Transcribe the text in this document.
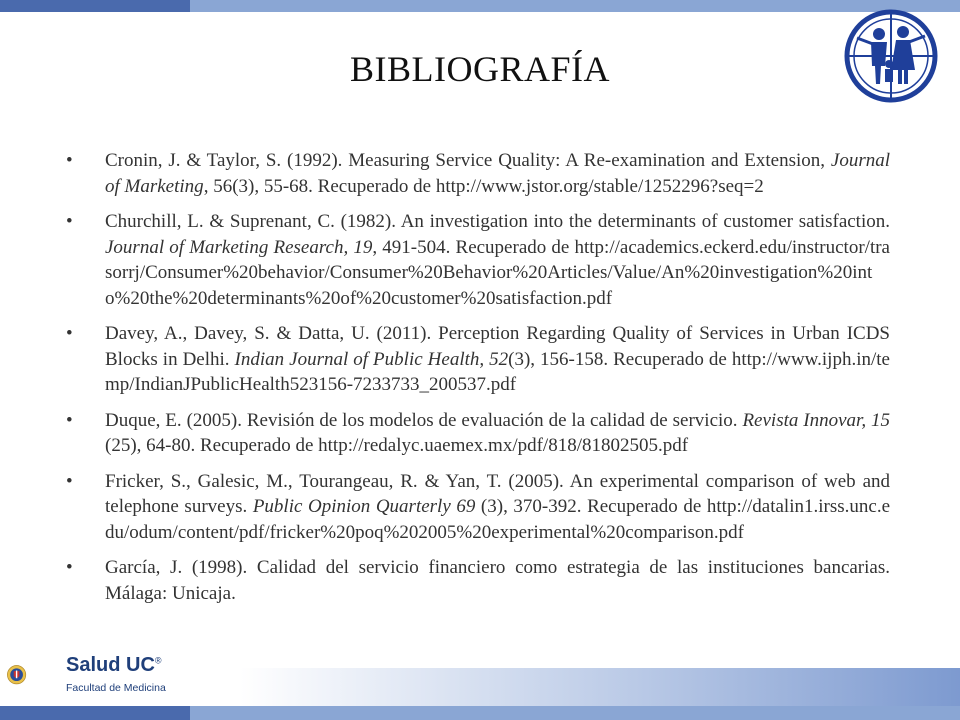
BIBLIOGRAFÍA
• Cronin, J. & Taylor, S. (1992). Measuring Service Quality: A Re-examination and Extension, Journal of Marketing, 56(3), 55-68. Recuperado de http://www.jstor.org/stable/1252296?seq=2
• Churchill, L. & Suprenant, C. (1982). An investigation into the determinants of customer satisfaction. Journal of Marketing Research, 19, 491-504. Recuperado de http://academics.eckerd.edu/instructor/trasorrj/Consumer%20behavior/Consumer%20Behavior%20Articles/Value/An%20investigation%20into%20the%20determinants%20of%20customer%20satisfaction.pdf
• Davey, A., Davey, S. & Datta, U. (2011). Perception Regarding Quality of Services in Urban ICDS Blocks in Delhi. Indian Journal of Public Health, 52(3), 156-158. Recuperado de http://www.ijph.in/temp/IndianJPublicHealth523156-7233733_200537.pdf
• Duque, E. (2005). Revisión de los modelos de evaluación de la calidad de servicio. Revista Innovar, 15 (25), 64-80. Recuperado de http://redalyc.uaemex.mx/pdf/818/81802505.pdf
• Fricker, S., Galesic, M., Tourangeau, R. & Yan, T. (2005). An experimental comparison of web and telephone surveys. Public Opinion Quarterly 69 (3), 370-392. Recuperado de http://datalin1.irss.unc.edu/odum/content/pdf/fricker%20poq%202005%20experimental%20comparison.pdf
• García, J. (1998). Calidad del servicio financiero como estrategia de las instituciones bancarias. Málaga: Unicaja.
Salud UC®
Facultad de Medicina
